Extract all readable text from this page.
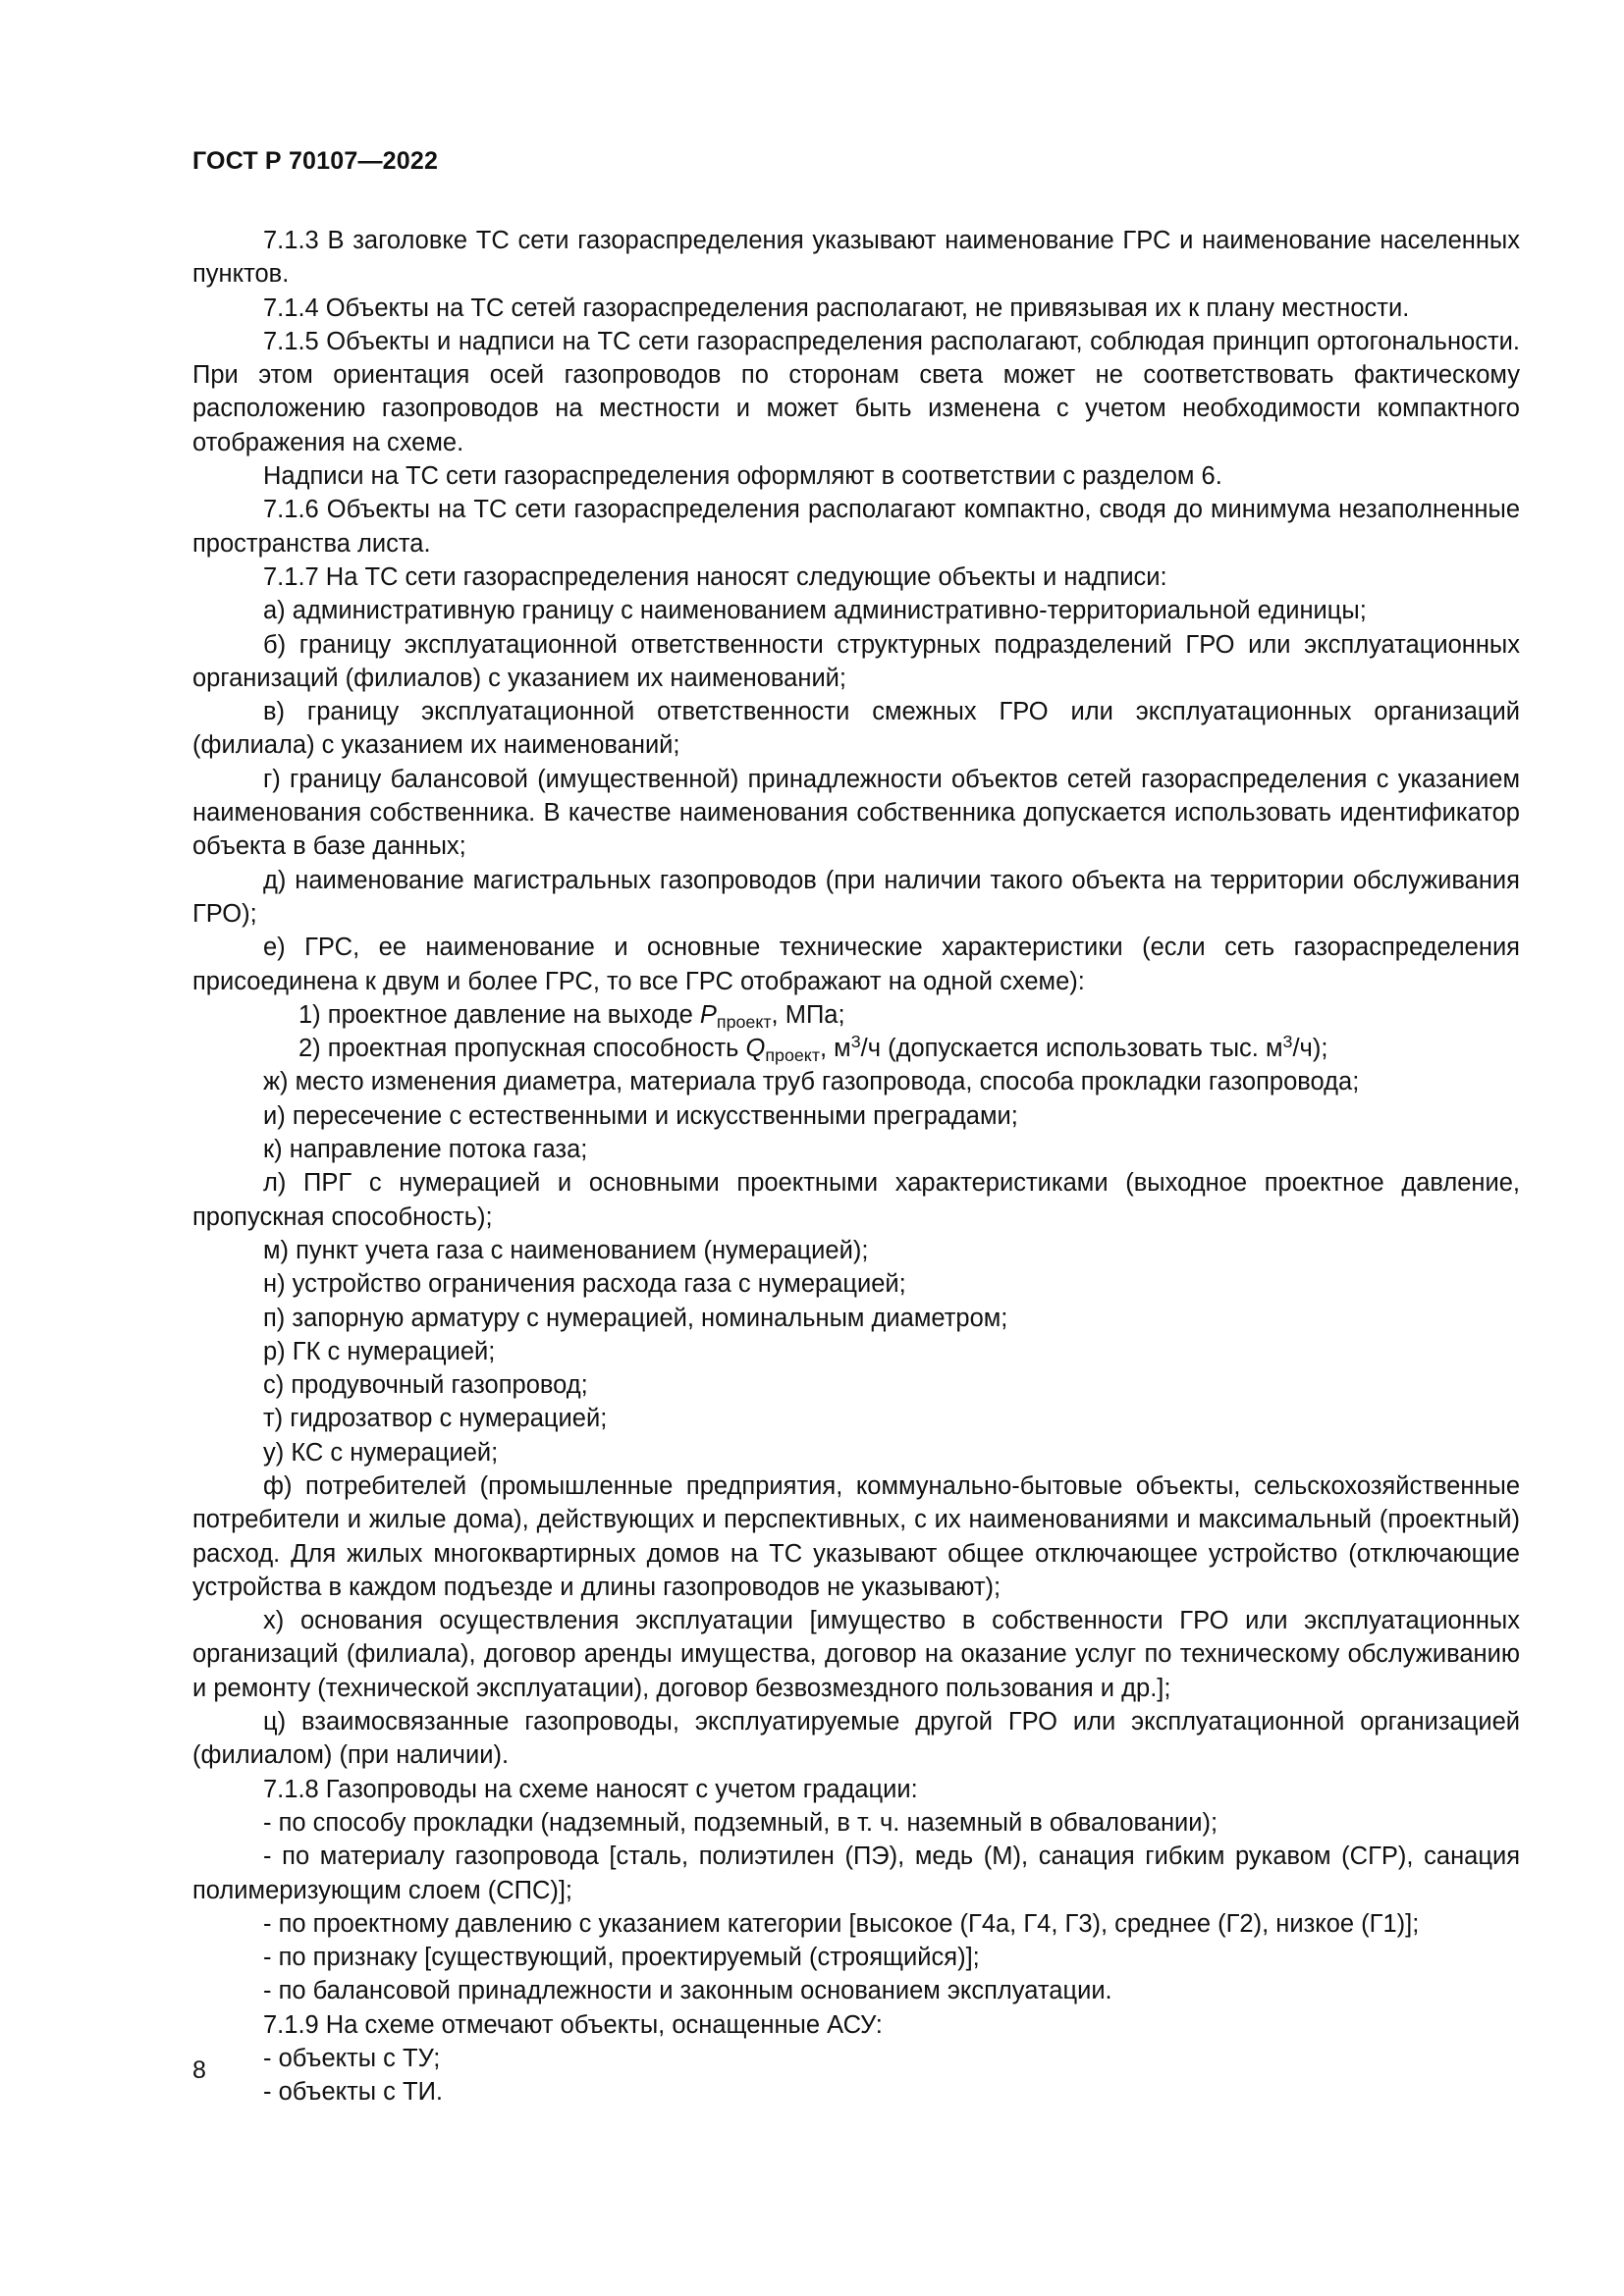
ГОСТ Р 70107—2022

7.1.3 В заголовке ТС сети газораспределения указывают наименование ГРС и наименование населенных пунктов.

7.1.4 Объекты на ТС сетей газораспределения располагают, не привязывая их к плану местности.

7.1.5 Объекты и надписи на ТС сети газораспределения располагают, соблюдая принцип ортогональности. При этом ориентация осей газопроводов по сторонам света может не соответствовать фактическому расположению газопроводов на местности и может быть изменена с учетом необходимости компактного отображения на схеме.

Надписи на ТС сети газораспределения оформляют в соответствии с разделом 6.

7.1.6 Объекты на ТС сети газораспределения располагают компактно, сводя до минимума незаполненные пространства листа.

7.1.7 На ТС сети газораспределения наносят следующие объекты и надписи:

а) административную границу с наименованием административно-территориальной единицы;

б) границу эксплуатационной ответственности структурных подразделений ГРО или эксплуатационных организаций (филиалов) с указанием их наименований;

в) границу эксплуатационной ответственности смежных ГРО или эксплуатационных организаций (филиала) с указанием их наименований;

г) границу балансовой (имущественной) принадлежности объектов сетей газораспределения с указанием наименования собственника. В качестве наименования собственника допускается использовать идентификатор объекта в базе данных;

д) наименование магистральных газопроводов (при наличии такого объекта на территории обслуживания ГРО);

е) ГРС, ее наименование и основные технические характеристики (если сеть газораспределения присоединена к двум и более ГРС, то все ГРС отображают на одной схеме):

1) проектное давление на выходе $P_{проект}$, МПа;

2) проектная пропускная способность $Q_{проект}$, $м^3/ч$ (допускается использовать тыс. $м^3/ч$);

ж) место изменения диаметра, материала труб газопровода, способа прокладки газопровода;

и) пересечение с естественными и искусственными преградами;

к) направление потока газа;

л) ПРГ с нумерацией и основными проектными характеристиками (выходное проектное давление, пропускная способность);

м) пункт учета газа с наименованием (нумерацией);

н) устройство ограничения расхода газа с нумерацией;

п) запорную арматуру с нумерацией, номинальным диаметром;

р) ГК с нумерацией;

с) продувочный газопровод;

т) гидрозатвор с нумерацией;

у) КС с нумерацией;

ф) потребителей (промышленные предприятия, коммунально-бытовые объекты, сельскохозяйственные потребители и жилые дома), действующих и перспективных, с их наименованиями и максимальный (проектный) расход. Для жилых многоквартирных домов на ТС указывают общее отключающее устройство (отключающие устройства в каждом подъезде и длины газопроводов не указывают);

х) основания осуществления эксплуатации [имущество в собственности ГРО или эксплуатационных организаций (филиала), договор аренды имущества, договор на оказание услуг по техническому обслуживанию и ремонту (технической эксплуатации), договор безвозмездного пользования и др.];

ц) взаимосвязанные газопроводы, эксплуатируемые другой ГРО или эксплуатационной организацией (филиалом) (при наличии).

7.1.8 Газопроводы на схеме наносят с учетом градации:

- по способу прокладки (надземный, подземный, в т. ч. наземный в обваловании);

- по материалу газопровода [сталь, полиэтилен (ПЭ), медь (М), санация гибким рукавом (СГР), санация полимеризующим слоем (СПС)];

- по проектному давлению с указанием категории [высокое (Г4а, Г4, Г3), среднее (Г2), низкое (Г1)];

- по признаку [существующий, проектируемый (строящийся)];

- по балансовой принадлежности и законным основанием эксплуатации.

7.1.9 На схеме отмечают объекты, оснащенные АСУ:

- объекты с ТУ;

- объекты с ТИ.

8
